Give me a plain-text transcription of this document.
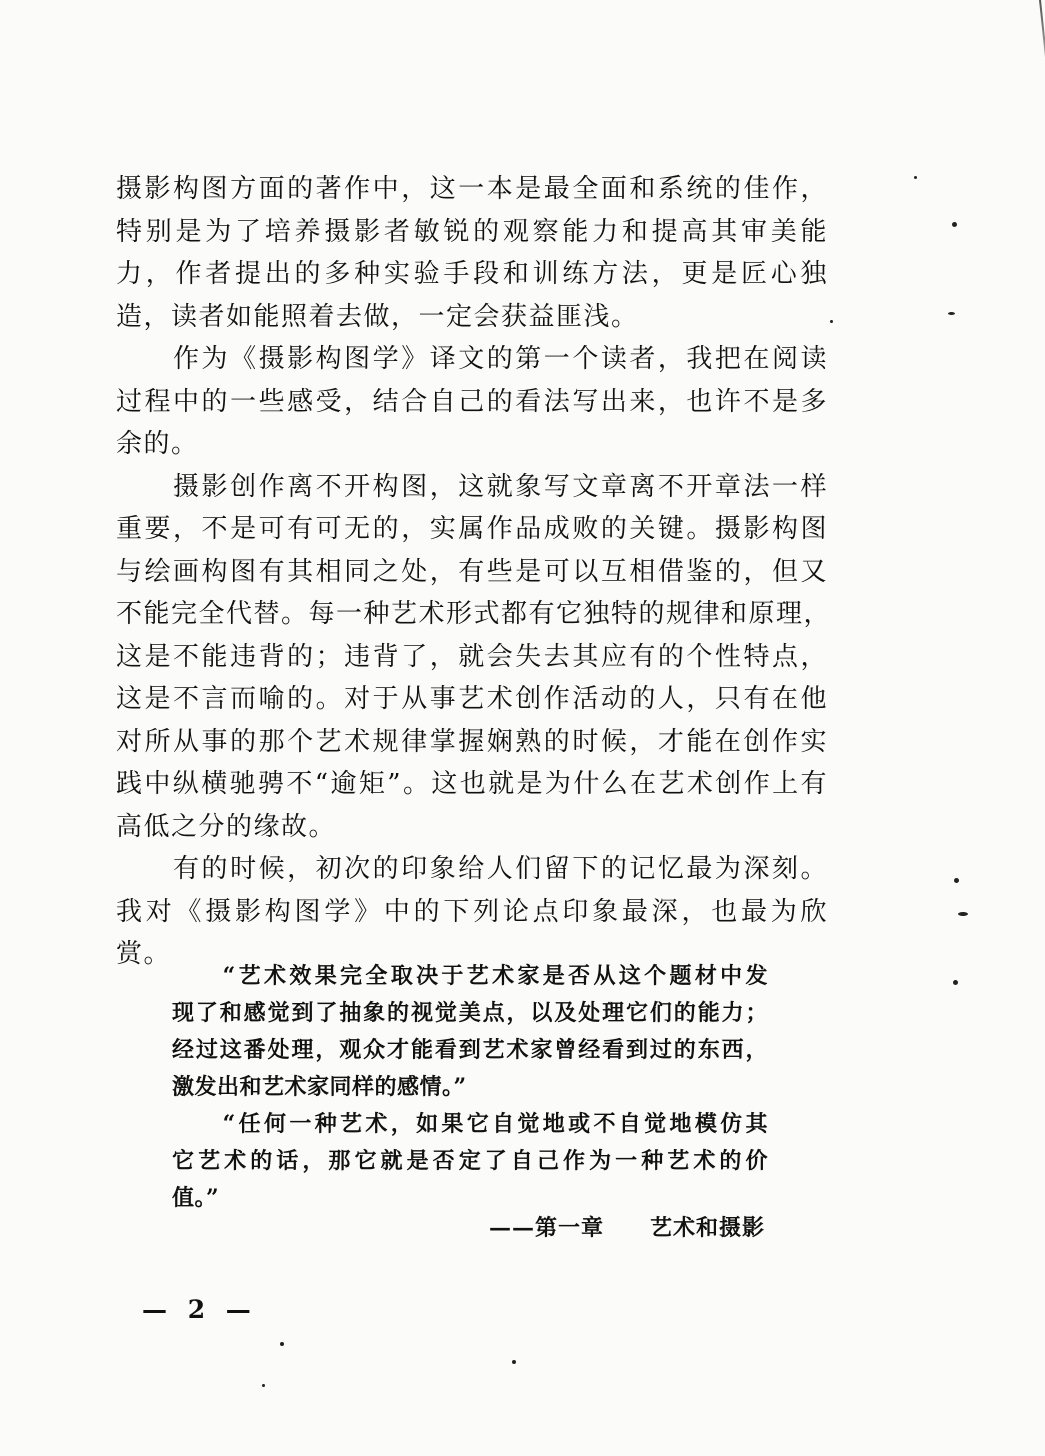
摄影构图方面的著作中，这一本是最全面和系统的佳作，
特别是为了培养摄影者敏锐的观察能力和提高其审美能
力，作者提出的多种实验手段和训练方法，更是匠心独
造，读者如能照着去做，一定会获益匪浅。
　　作为《摄影构图学》译文的第一个读者，我把在阅读
过程中的一些感受，结合自己的看法写出来，也许不是多
余的。
　　摄影创作离不开构图，这就象写文章离不开章法一样
重要，不是可有可无的，实属作品成败的关键。摄影构图
与绘画构图有其相同之处，有些是可以互相借鉴的，但又
不能完全代替。每一种艺术形式都有它独特的规律和原理，
这是不能违背的；违背了，就会失去其应有的个性特点，
这是不言而喻的。对于从事艺术创作活动的人，只有在他
对所从事的那个艺术规律掌握娴熟的时候，才能在创作实
践中纵横驰骋不“逾矩”。这也就是为什么在艺术创作上有
高低之分的缘故。
　　有的时候，初次的印象给人们留下的记忆最为深刻。
我对《摄影构图学》中的下列论点印象最深，也最为欣
赏。
　　“艺术效果完全取决于艺术家是否从这个题材中发
现了和感觉到了抽象的视觉美点，以及处理它们的能力；
经过这番处理，观众才能看到艺术家曾经看到过的东西，
激发出和艺术家同样的感情。”
　　“任何一种艺术，如果它自觉地或不自觉地模仿其
它艺术的话，那它就是否定了自己作为一种艺术的价
值。”
——第一章　　艺术和摄影
— 2 —
